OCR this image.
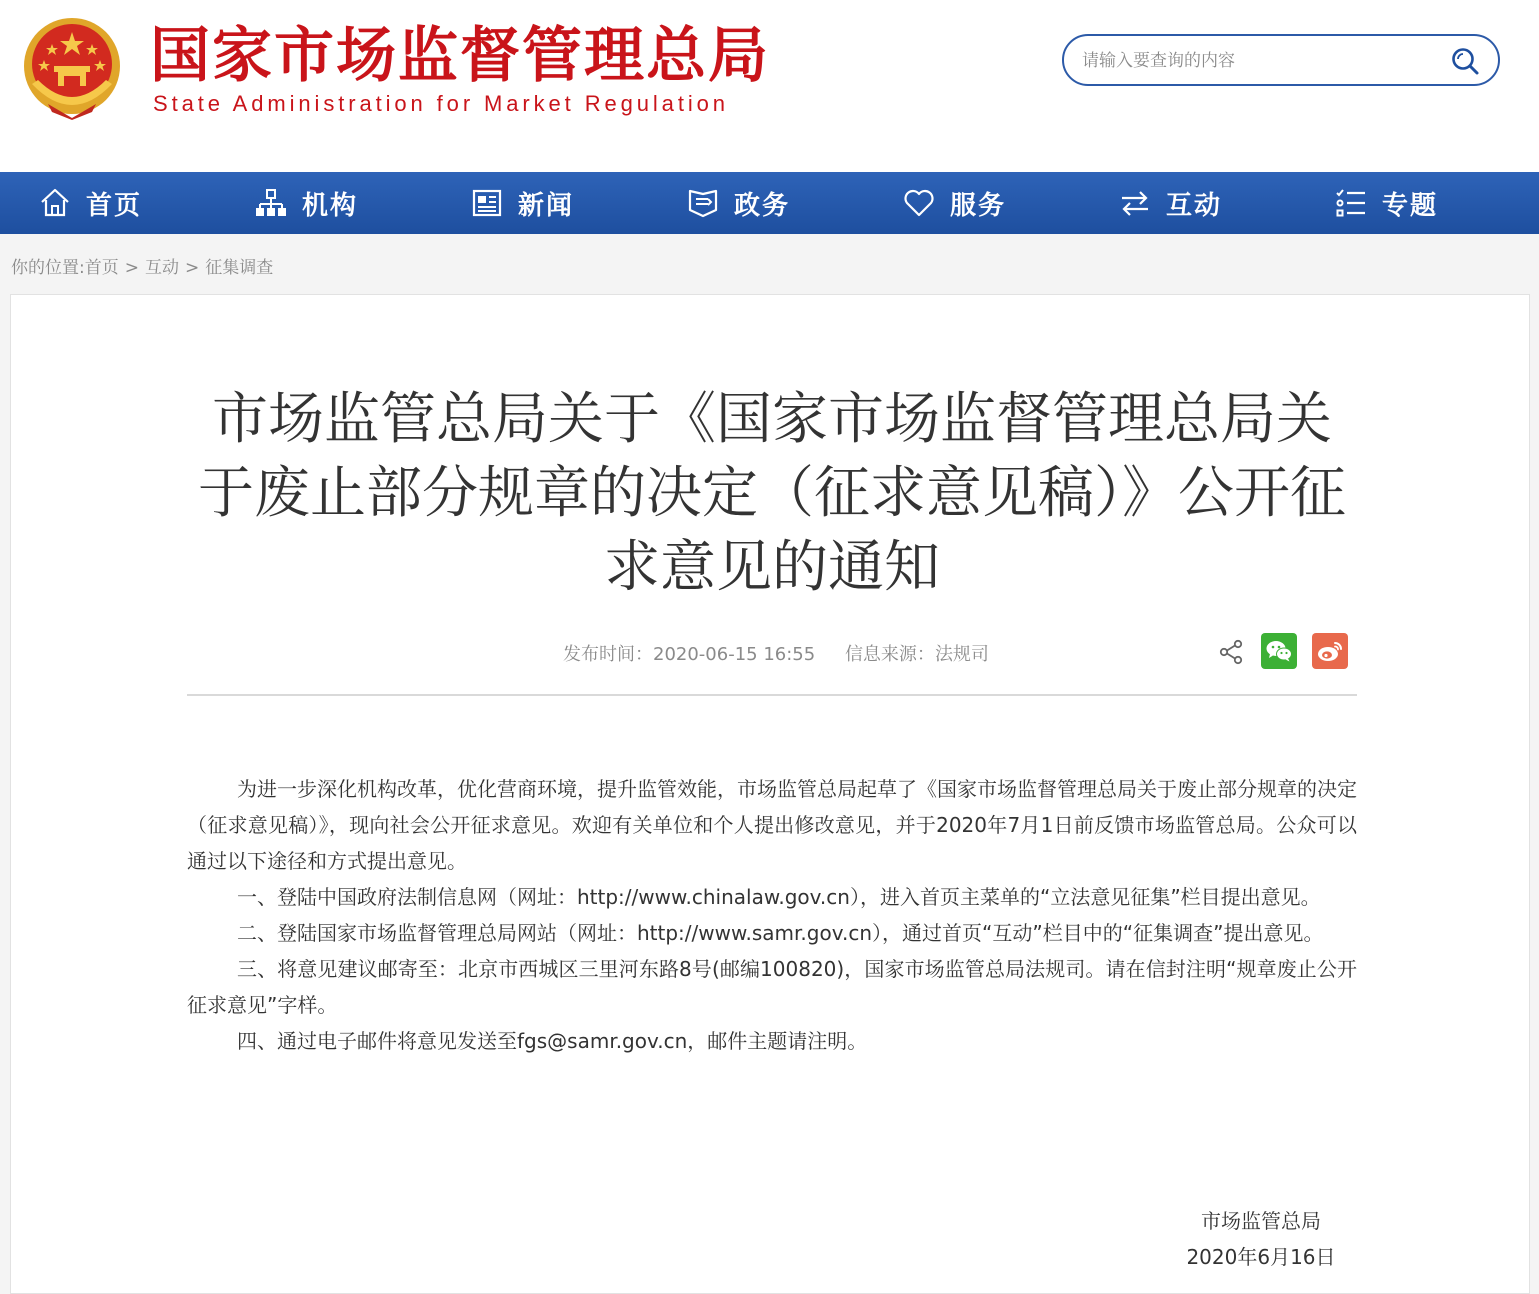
国家市场监督管理总局
State Administration for Market Regulation
请输入要查询的内容
首页	机构	新闻	政务	服务	互动	专题
你的位置:首页 > 互动 > 征集调查
市场监管总局关于《国家市场监督管理总局关于废止部分规章的决定（征求意见稿）》公开征求意见的通知
发布时间：2020-06-15 16:55 信息来源：法规司

为进一步深化机构改革，优化营商环境，提升监管效能，市场监管总局起草了《国家市场监督管理总局关于废止部分规章的决定（征求意见稿）》，现向社会公开征求意见。欢迎有关单位和个人提出修改意见，并于2020年7月1日前反馈市场监管总局。公众可以通过以下途径和方式提出意见。

一、登陆中国政府法制信息网（网址：http://www.chinalaw.gov.cn），进入首页主菜单的“立法意见征集”栏目提出意见。

二、登陆国家市场监督管理总局网站（网址：http://www.samr.gov.cn），通过首页“互动”栏目中的“征集调查”提出意见。

三、将意见建议邮寄至：北京市西城区三里河东路8号(邮编100820)，国家市场监管总局法规司。请在信封注明“规章废止公开征求意见”字样。

四、通过电子邮件将意见发送至fgs@samr.gov.cn，邮件主题请注明。

市场监管总局
2020年6月16日
